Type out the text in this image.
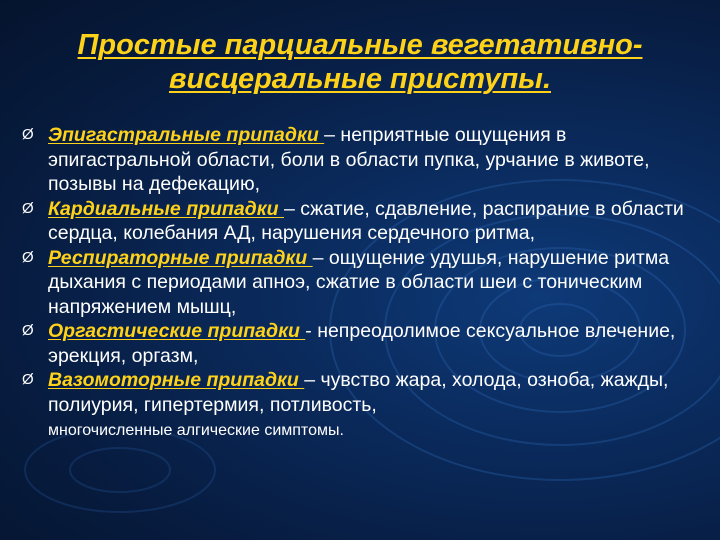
Простые парциальные вегетативно-
висцеральные приступы.
Ø Эпигастральные припадки – неприятные ощущения в эпигастральной области, боли в области пупка, урчание в животе, позывы на дефекацию,
Ø Кардиальные припадки – сжатие, сдавление, распирание в области сердца, колебания АД, нарушения сердечного ритма,
Ø Респираторные припадки – ощущение удушья, нарушение ритма дыхания с периодами апноэ, сжатие в области шеи с тоническим напряжением мышц,
Ø Оргастические припадки - непреодолимое сексуальное влечение, эрекция, оргазм,
Ø Вазомоторные припадки – чувство жара, холода, озноба, жажды, полиурия, гипертермия, потливость,
многочисленные алгические симптомы.
